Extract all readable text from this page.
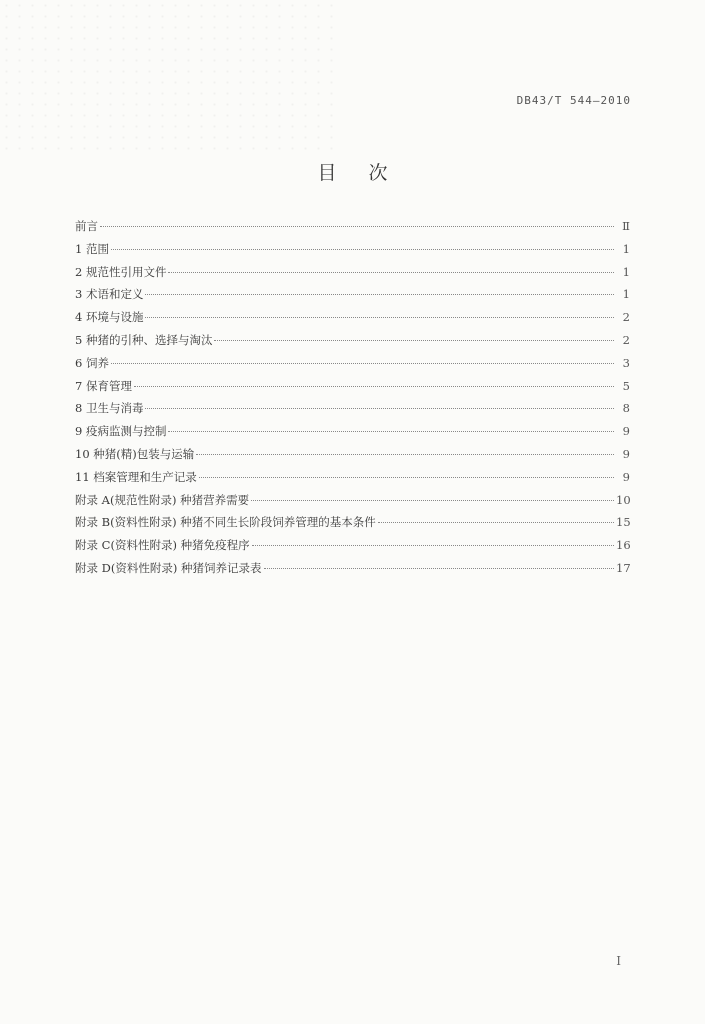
DB43/T 544—2010
目次
前言	Ⅱ
1 范围	1
2 规范性引用文件	1
3 术语和定义	1
4 环境与设施	2
5 种猪的引种、选择与淘汰	2
6 饲养	3
7 保育管理	5
8 卫生与消毒	8
9 疫病监测与控制	9
10 种猪(精)包装与运输	9
11 档案管理和生产记录	9
附录 A(规范性附录) 种猪营养需要	10
附录 B(资料性附录) 种猪不同生长阶段饲养管理的基本条件	15
附录 C(资料性附录) 种猪免疫程序	16
附录 D(资料性附录) 种猪饲养记录表	17
Ⅰ
